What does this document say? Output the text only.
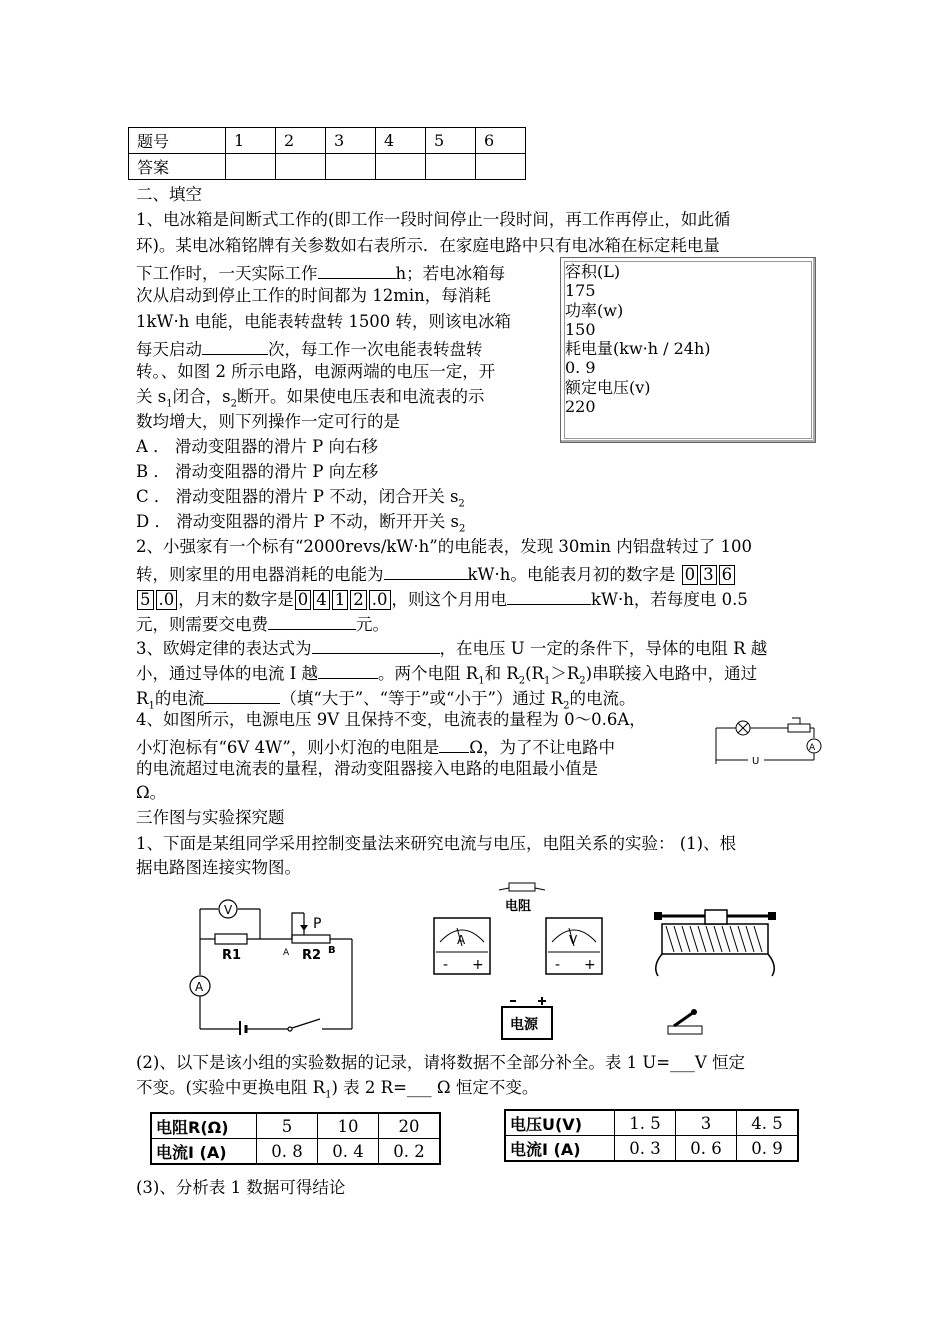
题号	1	2	3	4	5	6
答案						
二、填空
1、电冰箱是间断式工作的(即工作一段时间停止一段时间，再工作再停止，如此循
环)。某电冰箱铭牌有关参数如右表所示．在家庭电路中只有电冰箱在标定耗电量
下工作时，一天实际工作	h；若电冰箱每
次从启动到停止工作的时间都为 12min，每消耗
1kW·h 电能，电能表转盘转 1500 转，则该电冰箱
每天启动	次，每工作一次电能表转盘转
转。、如图 2 所示电路，电源两端的电压一定，开
关 $s_1$闭合，$s_2$断开。如果使电压表和电流表的示
数均增大，则下列操作一定可行的是
A ． 滑动变阻器的滑片 P 向右移
B ． 滑动变阻器的滑片 P 向左移
C ． 滑动变阻器的滑片 P 不动，闭合开关 $s_2$
D ． 滑动变阻器的滑片 P 不动，断开开关 $s_2$
容积(L)
175
功率(w)
150
耗电量(kw·h / 24h)
0. 9
额定电压(v)
220
2、小强家有一个标有“2000revs/kW·h”的电能表，发现 30min 内铝盘转过了 100
转，则家里的用电器消耗的电能为	kW·h。电能表月初的数字是 0 3 6
5 .0 ，月末的数字是 0 4 1 2 .0 ，则这个月用电	kW·h，若每度电 0.5
元，则需要交电费	元。
3、欧姆定律的表达式为	，在电压 U 一定的条件下，导体的电阻 R 越
小，通过导体的电流 I 越	。两个电阻 $R_1$和 $R_2(R_1>R_2)$串联接入电路中，通过
$R_1$的电流	（填“大于”、“等于”或“小于”）通过 $R_2$的电流。
4、如图所示，电源电压 9V 且保持不变，电流表的量程为 0～0.6A，
小灯泡标有“6V 4W”，则小灯泡的电阻是 Ω，为了不让电路中
的电流超过电流表的量程，滑动变阻器接入电路的电阻最小值是
Ω。
A
U
三作图与实验探究题
1、下面是某组同学采用控制变量法来研究电流与电压，电阻关系的实验： (1)、根
据电路图连接实物图。
V
A
P
R1	R2
A	B
电阻
A
- +
V
- +
电源
(2)、以下是该小组的实验数据的记录，请将数据不全部分补全。表 1 U=___V 恒定
不变。(实验中更换电阻 $R_1$) 表 2 R=___ Ω 恒定不变。
电阻R(Ω)	5	10	20
电流I (A)	0. 8	0. 4	0. 2
电压U(V)	1. 5	3	4. 5
电流I (A)	0. 3	0. 6	0. 9
(3)、分析表 1 数据可得结论
